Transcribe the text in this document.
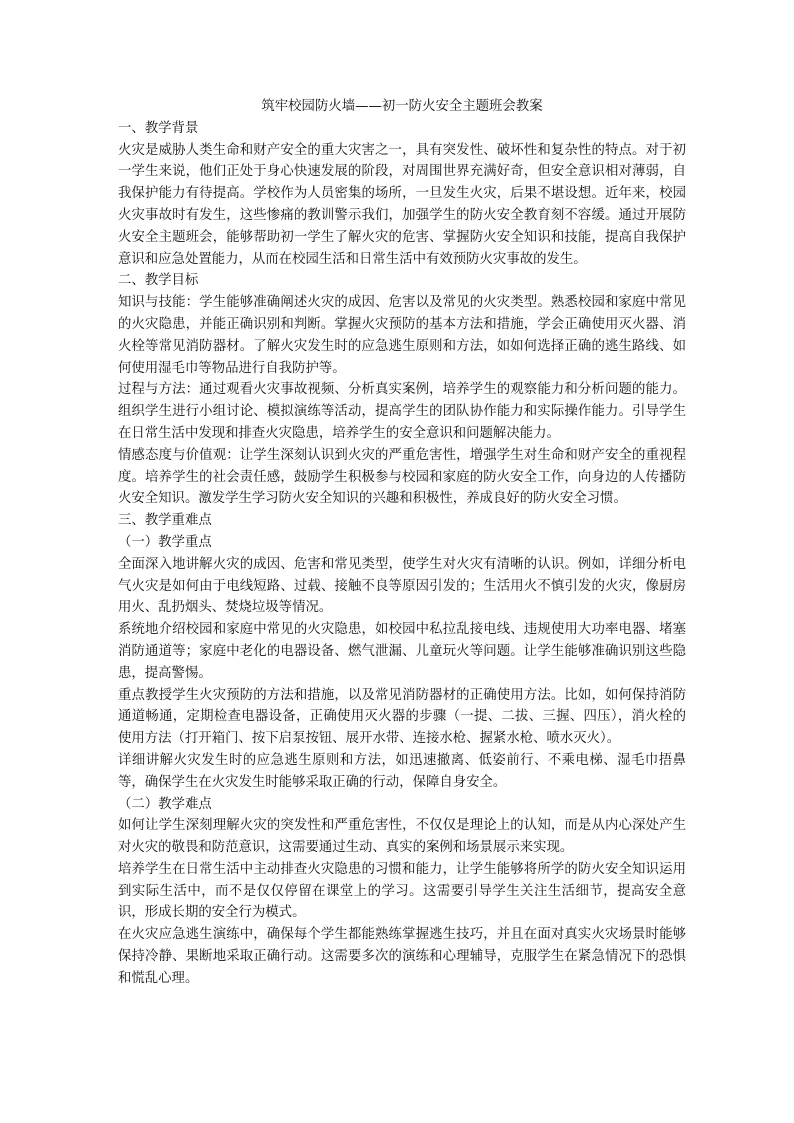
筑牢校园防火墙——初一防火安全主题班会教案

一、教学背景

火灾是威胁人类生命和财产安全的重大灾害之一，具有突发性、破坏性和复杂性的特点。对于初一学生来说，他们正处于身心快速发展的阶段，对周围世界充满好奇，但安全意识相对薄弱，自我保护能力有待提高。学校作为人员密集的场所，一旦发生火灾，后果不堪设想。近年来，校园火灾事故时有发生，这些惨痛的教训警示我们，加强学生的防火安全教育刻不容缓。通过开展防火安全主题班会，能够帮助初一学生了解火灾的危害、掌握防火安全知识和技能，提高自我保护意识和应急处置能力，从而在校园生活和日常生活中有效预防火灾事故的发生。

二、教学目标

知识与技能：学生能够准确阐述火灾的成因、危害以及常见的火灾类型。熟悉校园和家庭中常见的火灾隐患，并能正确识别和判断。掌握火灾预防的基本方法和措施，学会正确使用灭火器、消火栓等常见消防器材。了解火灾发生时的应急逃生原则和方法，如如何选择正确的逃生路线、如何使用湿毛巾等物品进行自我防护等。

过程与方法：通过观看火灾事故视频、分析真实案例，培养学生的观察能力和分析问题的能力。组织学生进行小组讨论、模拟演练等活动，提高学生的团队协作能力和实际操作能力。引导学生在日常生活中发现和排查火灾隐患，培养学生的安全意识和问题解决能力。

情感态度与价值观：让学生深刻认识到火灾的严重危害性，增强学生对生命和财产安全的重视程度。培养学生的社会责任感，鼓励学生积极参与校园和家庭的防火安全工作，向身边的人传播防火安全知识。激发学生学习防火安全知识的兴趣和积极性，养成良好的防火安全习惯。

三、教学重难点

（一）教学重点

全面深入地讲解火灾的成因、危害和常见类型，使学生对火灾有清晰的认识。例如，详细分析电气火灾是如何由于电线短路、过载、接触不良等原因引发的；生活用火不慎引发的火灾，像厨房用火、乱扔烟头、焚烧垃圾等情况。

系统地介绍校园和家庭中常见的火灾隐患，如校园中私拉乱接电线、违规使用大功率电器、堵塞消防通道等；家庭中老化的电器设备、燃气泄漏、儿童玩火等问题。让学生能够准确识别这些隐患，提高警惕。

重点教授学生火灾预防的方法和措施，以及常见消防器材的正确使用方法。比如，如何保持消防通道畅通，定期检查电器设备，正确使用灭火器的步骤（一提、二拔、三握、四压），消火栓的使用方法（打开箱门、按下启泵按钮、展开水带、连接水枪、握紧水枪、喷水灭火）。

详细讲解火灾发生时的应急逃生原则和方法，如迅速撤离、低姿前行、不乘电梯、湿毛巾捂鼻等，确保学生在火灾发生时能够采取正确的行动，保障自身安全。

（二）教学难点

如何让学生深刻理解火灾的突发性和严重危害性，不仅仅是理论上的认知，而是从内心深处产生对火灾的敬畏和防范意识，这需要通过生动、真实的案例和场景展示来实现。

培养学生在日常生活中主动排查火灾隐患的习惯和能力，让学生能够将所学的防火安全知识运用到实际生活中，而不是仅仅停留在课堂上的学习。这需要引导学生关注生活细节，提高安全意识，形成长期的安全行为模式。

在火灾应急逃生演练中，确保每个学生都能熟练掌握逃生技巧，并且在面对真实火灾场景时能够保持冷静、果断地采取正确行动。这需要多次的演练和心理辅导，克服学生在紧急情况下的恐惧和慌乱心理。
